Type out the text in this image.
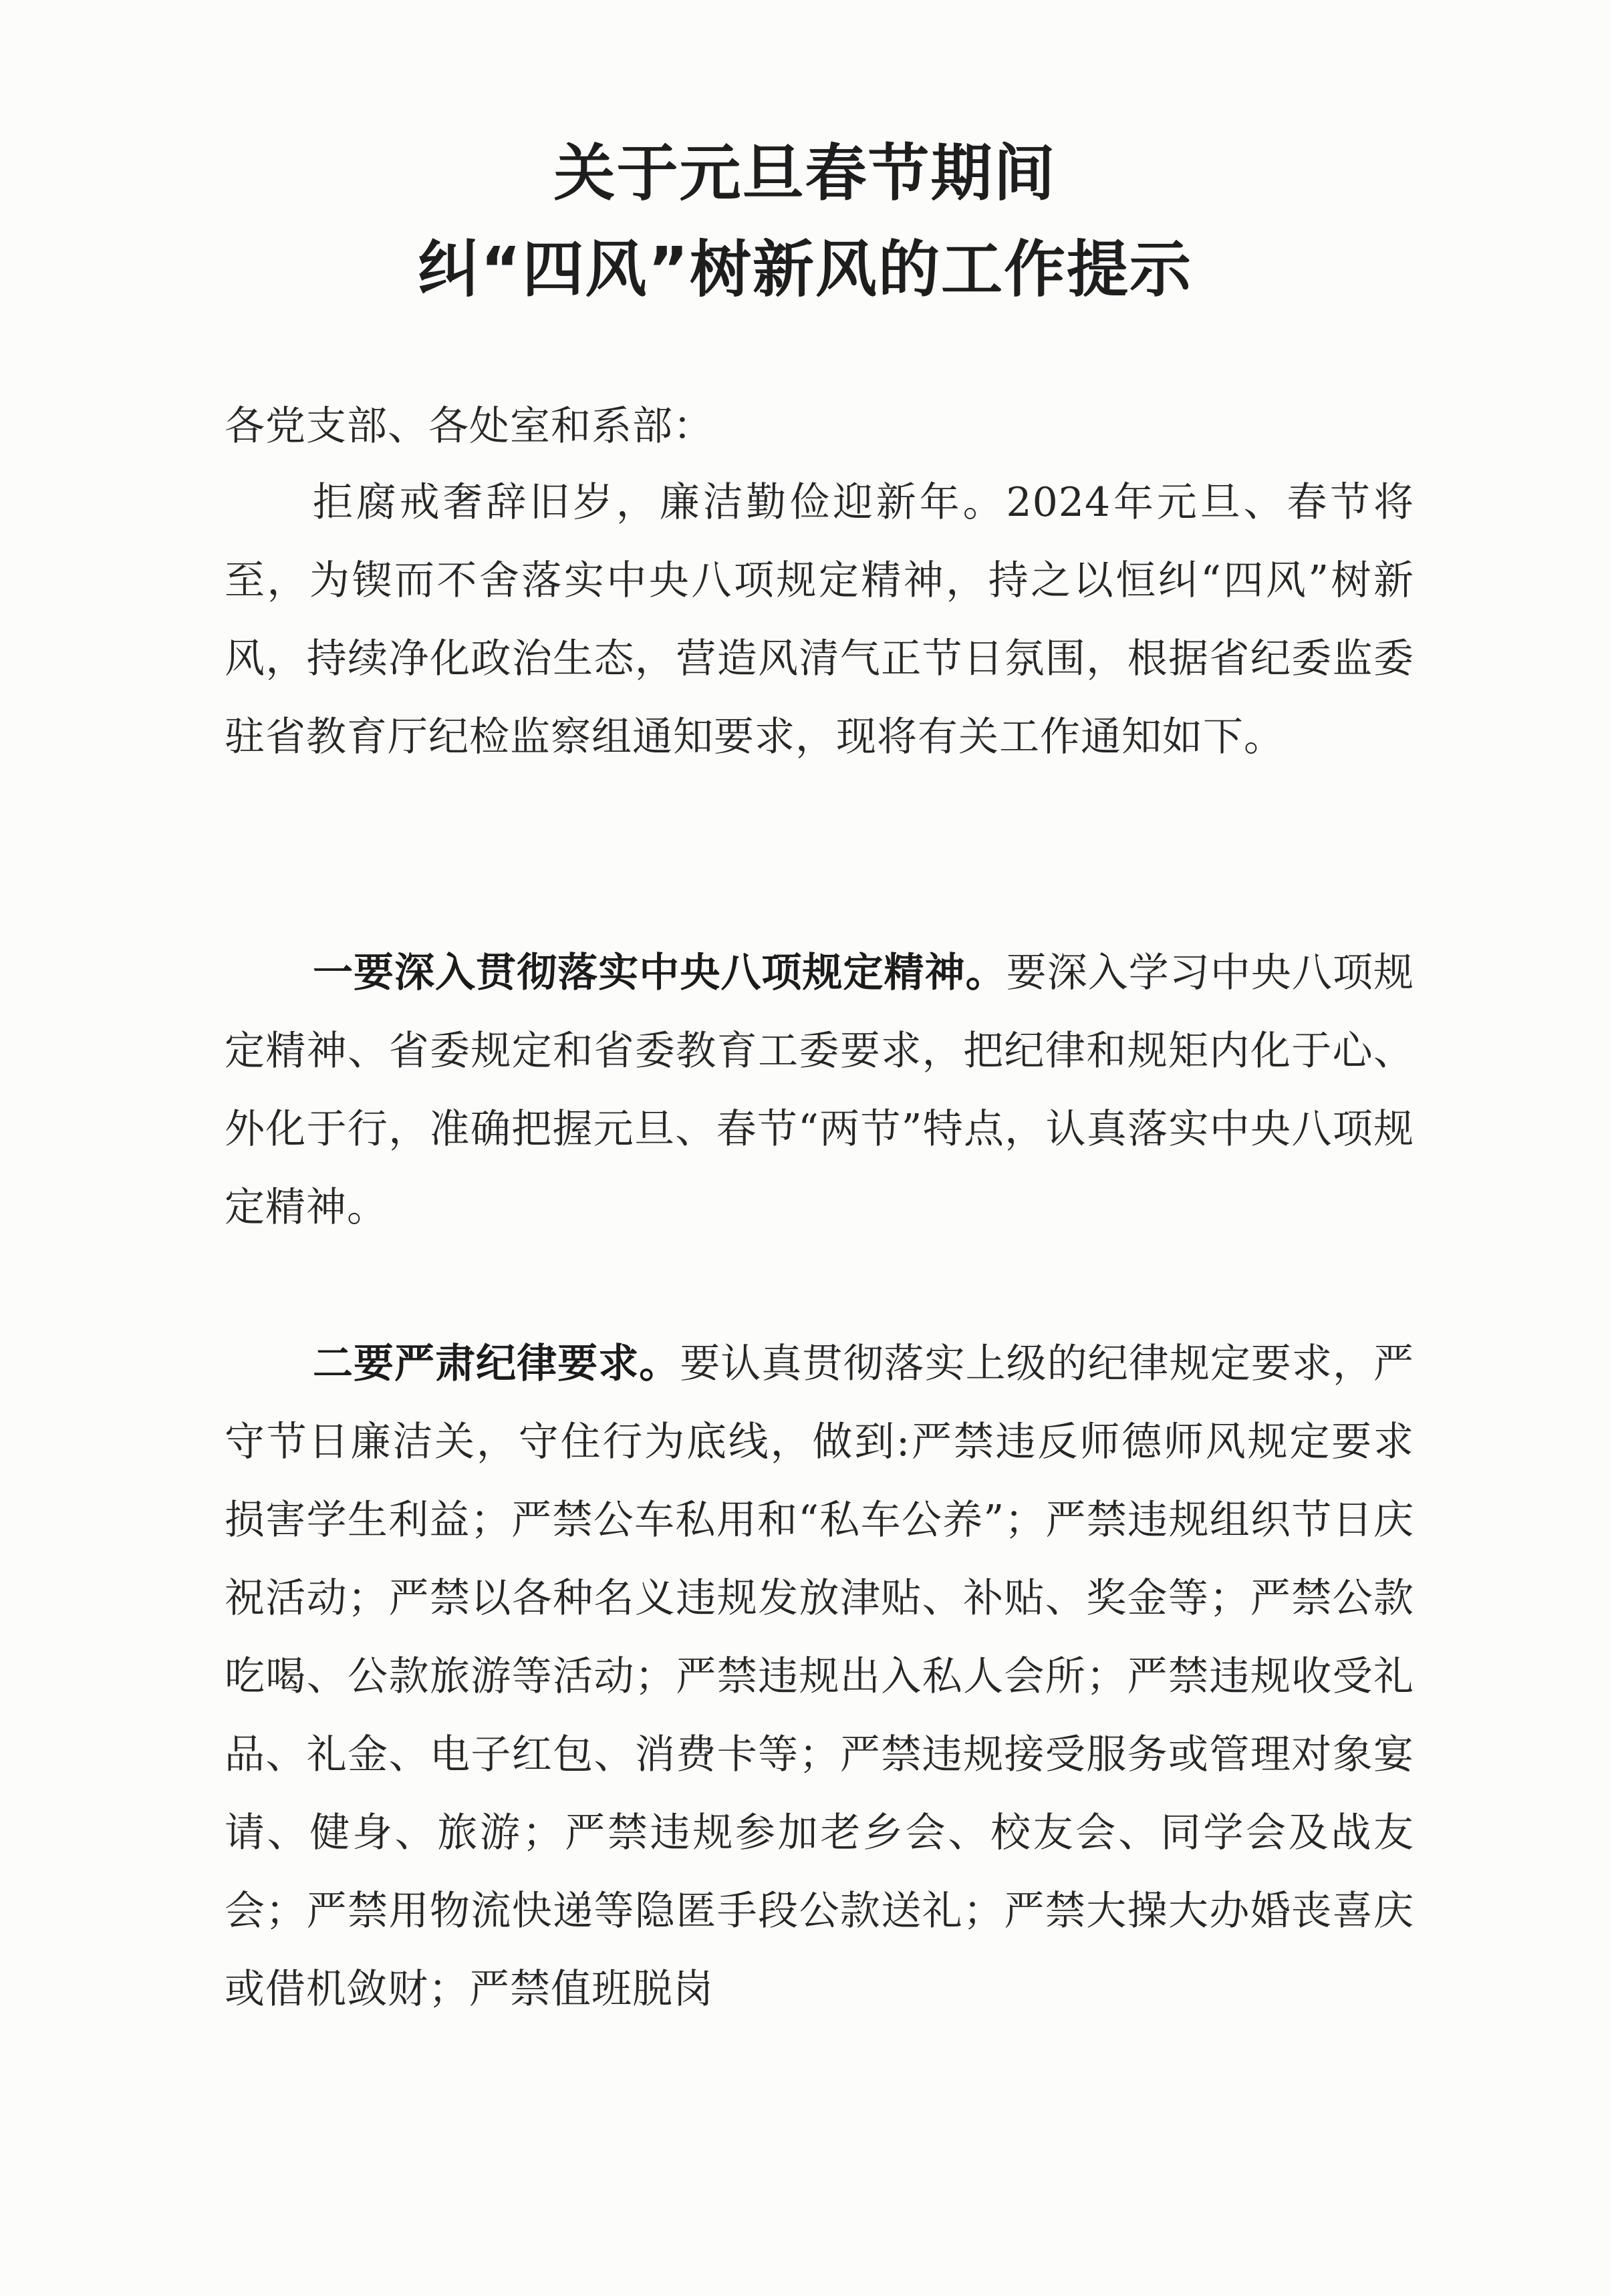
关于元旦春节期间
纠“四风”树新风的工作提示
各党支部、各处室和系部：
拒腐戒奢辞旧岁，廉洁勤俭迎新年。2024年元旦、春节将至，为锲而不舍落实中央八项规定精神，持之以恒纠“四风”树新风，持续净化政治生态，营造风清气正节日氛围，根据省纪委监委驻省教育厅纪检监察组通知要求，现将有关工作通知如下。
一要深入贯彻落实中央八项规定精神。要深入学习中央八项规定精神、省委规定和省委教育工委要求，把纪律和规矩内化于心、外化于行，准确把握元旦、春节“两节”特点，认真落实中央八项规定精神。
二要严肃纪律要求。要认真贯彻落实上级的纪律规定要求，严守节日廉洁关，守住行为底线，做到:严禁违反师德师风规定要求损害学生利益；严禁公车私用和“私车公养”；严禁违规组织节日庆祝活动；严禁以各种名义违规发放津贴、补贴、奖金等；严禁公款吃喝、公款旅游等活动；严禁违规出入私人会所；严禁违规收受礼品、礼金、电子红包、消费卡等；严禁违规接受服务或管理对象宴请、健身、旅游；严禁违规参加老乡会、校友会、同学会及战友会；严禁用物流快递等隐匿手段公款送礼；严禁大操大办婚丧喜庆或借机敛财；严禁值班脱岗
